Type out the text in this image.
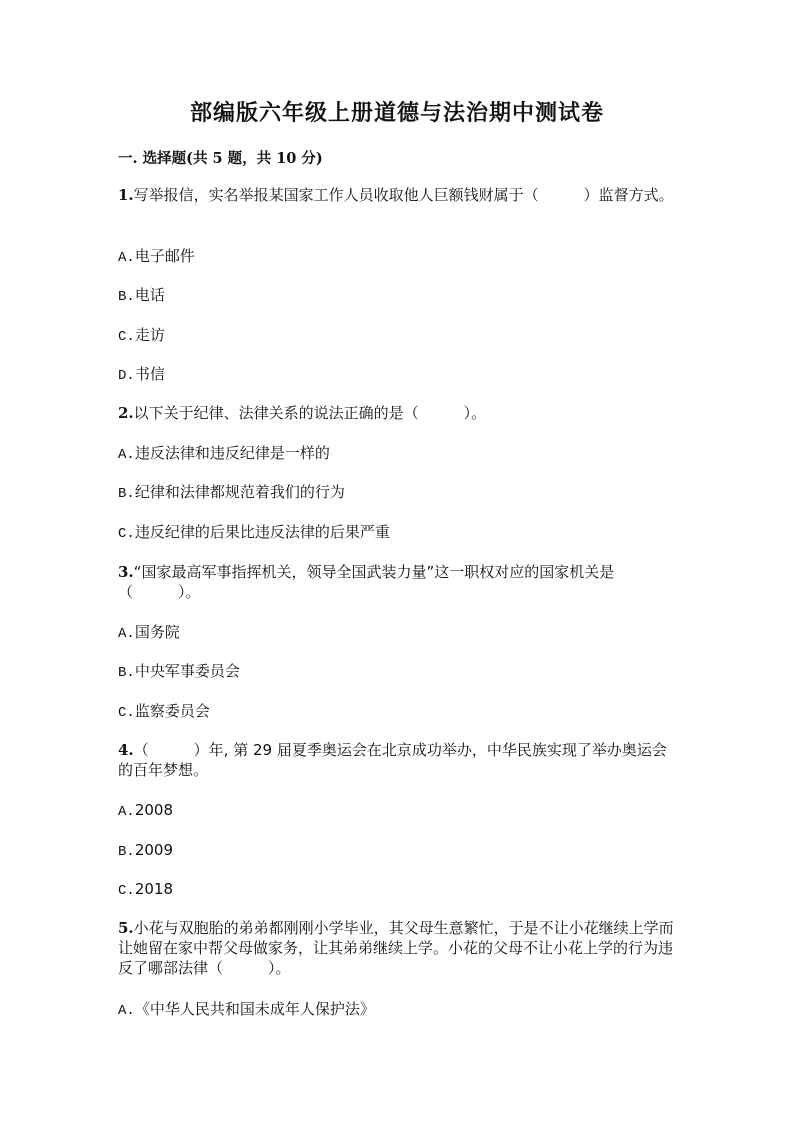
部编版六年级上册道德与法治期中测试卷
一. 选择题(共 5 题，共 10 分)
1.写举报信，实名举报某国家工作人员收取他人巨额钱财属于（　　　）监督方式。
A.电子邮件
B.电话
C.走访
D.书信
2.以下关于纪律、法律关系的说法正确的是（　　　）。
A.违反法律和违反纪律是一样的
B.纪律和法律都规范着我们的行为
C.违反纪律的后果比违反法律的后果严重
3.“国家最高军事指挥机关，领导全国武装力量”这一职权对应的国家机关是（　　　）。
A.国务院
B.中央军事委员会
C.监察委员会
4.（　　　）年, 第 29 届夏季奥运会在北京成功举办，中华民族实现了举办奥运会的百年梦想。
A.2008
B.2009
C.2018
5.小花与双胞胎的弟弟都刚刚小学毕业，其父母生意繁忙，于是不让小花继续上学而让她留在家中帮父母做家务，让其弟弟继续上学。小花的父母不让小花上学的行为违反了哪部法律（　　　）。
A.《中华人民共和国未成年人保护法》
